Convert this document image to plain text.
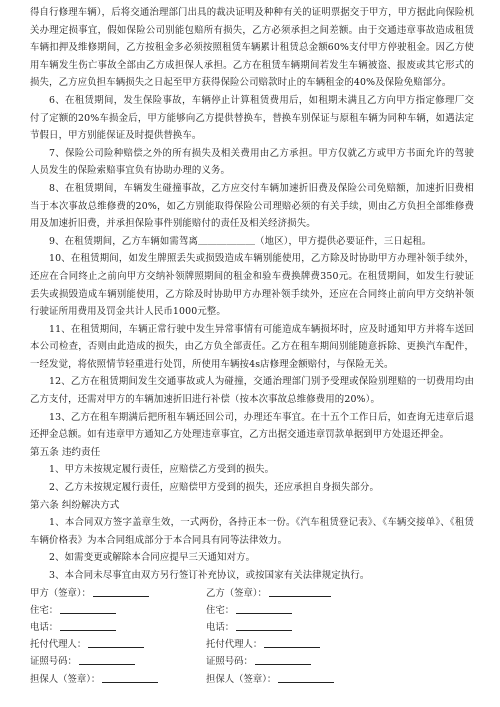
得自行修理车辆），后将交通治理部门出具的裁决证明及种种有关的证明票据交于甲方，甲方据此向保险机关办理定损事宜，假如保险公司别能包赔所有损失，乙方必须承担之间差额。由于交通违章事故造成租赁车辆扣押及维修期间，乙方按租金多必须按照租赁车辆累计租赁总金额60%支付甲方停驶租金。因乙方使用车辆发生伤亡事故全部由乙方成担保人承担。乙方在租赁车辆期间若发生车辆被盗、报废或其它形式的损失，乙方应负担车辆损失之日起至甲方获得保险公司赔款时止的车辆租金的40%及保险免赔部分。

6、在租赁期间，发生保险事故，车辆停止计算租赁费用后，如租期未满且乙方向甲方指定修理厂交付了定额的20%车损金后，甲方能够向乙方提供替换车，替换车别保证与原租车辆为同种车辆，如遇法定节假日，甲方别能保证及时提供替换车。

7、保险公司险种赔偿之外的所有损失及相关费用由乙方承担。甲方仅就乙方或甲方书面允许的驾驶人员发生的保险索赔事宜负有协助办理的义务。

8、在租赁期间，车辆发生碰撞事故，乙方应交付车辆加速折旧费及保险公司免赔额，加速折旧费相当于本次事故总维修费的20%，如乙方别能取得保险公司理赔必须的有关手续，则由乙方负担全部维修费用及加速折旧费，并承担保险事件别能赔付的责任及相关经济损失。

9、在租赁期间，乙方车辆如需驾离＿＿＿＿＿＿（地区），甲方提供必要证件，三日起租。

10、在租赁期间，如发生牌照丢失或损毁造成车辆别能使用，乙方除及时协助甲方办理补领手续外，还应在合同终止之前向甲方交纳补领牌照期间的租金和验车费换牌费350元。在租赁期间，如发生行驶证丢失或损毁造成车辆别能使用，乙方除及时协助甲方办理补领手续外，还应在合同终止前向甲方交纳补领行驶证所用费用及罚金共计人民币1000元整。

11、在租赁期间，车辆正常行驶中发生异常事情有可能造成车辆损坏时，应及时通知甲方并将车送回本公司检查，否则由此造成的损失，由乙方负全部责任。乙方在租车期间别能随意拆除、更换汽车配件，一经发觉，将依照情节轻重进行处罚，所使用车辆按4s店修理金额赔付，与保险无关。

12、乙方在租赁期间发生交通事故或人为碰撞，交通治理部门别予受理或保险别理赔的一切费用均由乙方支付，还需对甲方的车辆加速折旧进行补偿（按本次事故总维修费用的20%）。

13、乙方在租车期满后把所租车辆还回公司，办理还车事宜。在十五个工作日后，如查询无违章后退还押金总额。如有违章甲方通知乙方处理违章事宜，乙方出据交通违章罚款单据到甲方处退还押金。

第五条 违约责任

1、甲方未按规定履行责任，应赔偿乙方受到的损失。

2、乙方未按规定履行责任，应赔偿甲方受到的损失，还应承担自身损失部分。

第六条 纠纷解决方式

1、本合同双方签字盖章生效，一式两份，各持正本一份。《汽车租赁登记表》、《车辆交接单》、《租赁车辆价格表》为本合同组成部分于本合同具有同等法律效力。

2、如需变更或解除本合同应提早三天通知对方。

3、本合同未尽事宜由双方另行签订补充协议，或按国家有关法律规定执行。

甲方（签章）：	乙方（签章）：
住宅：	住宅：
电话：	电话：
托付代理人：	托付代理人：
证照号码：	证照号码：
担保人（签章）：	担保人（签章）：
